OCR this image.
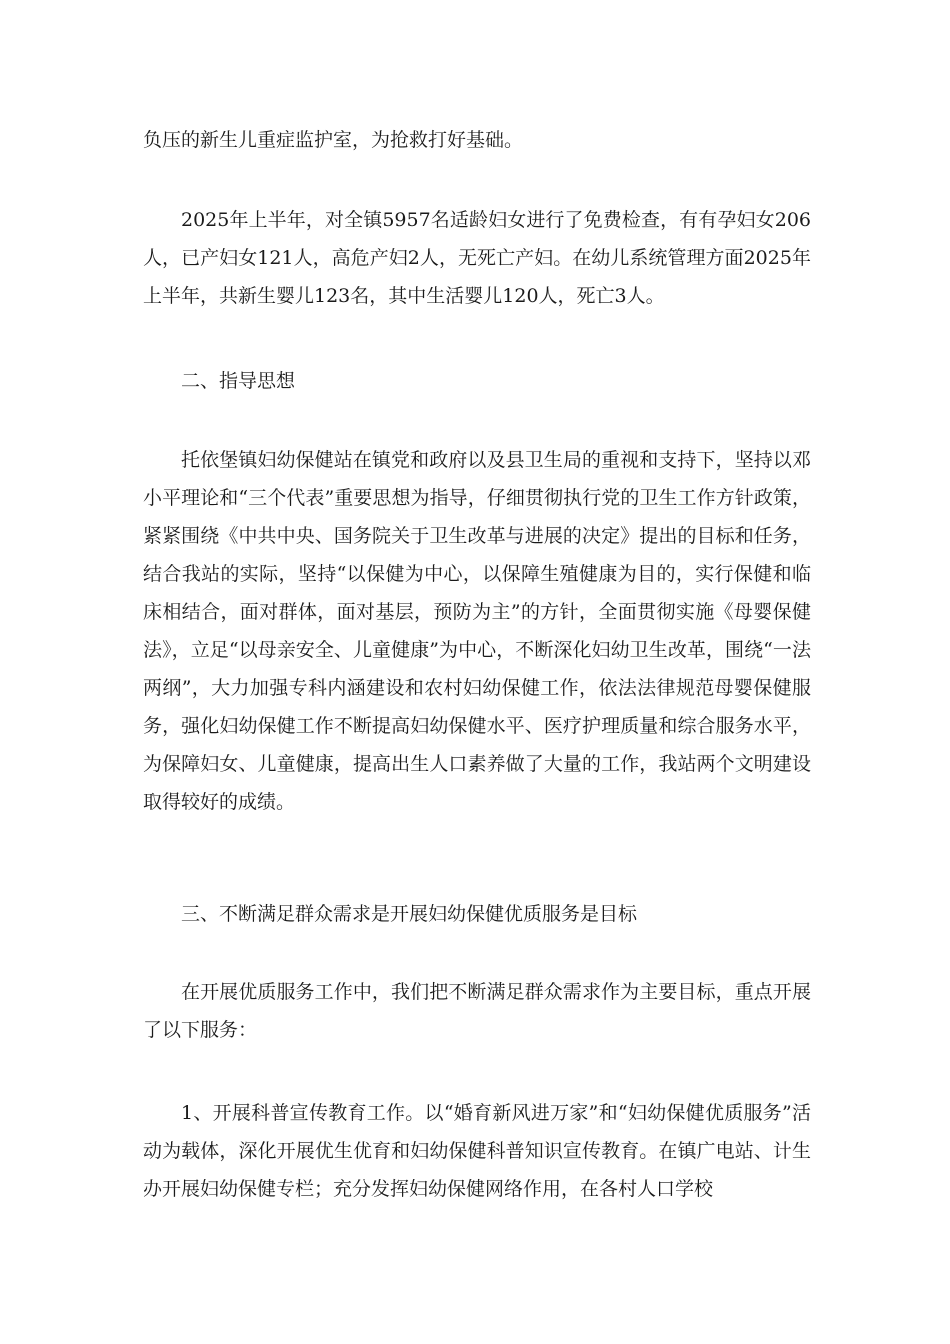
负压的新生儿重症监护室，为抢救打好基础。

2025年上半年，对全镇5957名适龄妇女进行了免费检查，有有孕妇女206人，已产妇女121人，高危产妇2人，无死亡产妇。在幼儿系统管理方面2025年上半年，共新生婴儿123名，其中生活婴儿120人，死亡3人。

二、指导思想

托依堡镇妇幼保健站在镇党和政府以及县卫生局的重视和支持下，坚持以邓小平理论和“三个代表”重要思想为指导，仔细贯彻执行党的卫生工作方针政策，紧紧围绕《中共中央、国务院关于卫生改革与进展的决定》提出的目标和任务，结合我站的实际，坚持“以保健为中心，以保障生殖健康为目的，实行保健和临床相结合，面对群体，面对基层，预防为主”的方针，全面贯彻实施《母婴保健法》，立足“以母亲安全、儿童健康”为中心，不断深化妇幼卫生改革，围绕“一法两纲”，大力加强专科内涵建设和农村妇幼保健工作，依法法律规范母婴保健服务，强化妇幼保健工作不断提高妇幼保健水平、医疗护理质量和综合服务水平，为保障妇女、儿童健康，提高出生人口素养做了大量的工作，我站两个文明建设取得较好的成绩。

三、不断满足群众需求是开展妇幼保健优质服务是目标

在开展优质服务工作中，我们把不断满足群众需求作为主要目标，重点开展了以下服务：

1、开展科普宣传教育工作。以“婚育新风进万家”和“妇幼保健优质服务”活动为载体，深化开展优生优育和妇幼保健科普知识宣传教育。在镇广电站、计生办开展妇幼保健专栏；充分发挥妇幼保健网络作用，在各村人口学校
